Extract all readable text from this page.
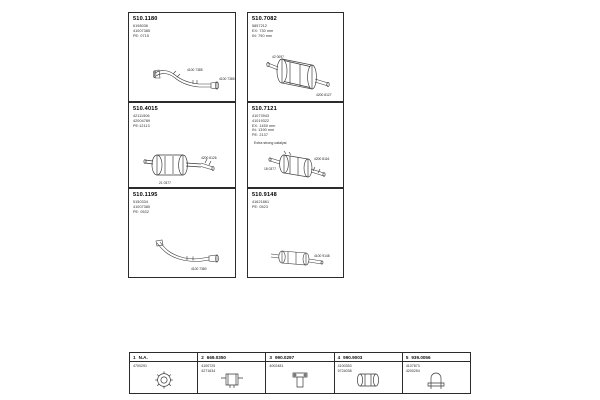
510.1180
6198036
41007385
PE: 0715
4100 7385
4100 7385
510.7082
5857212
EX: 730 mm
IN: 790 mm
42 0097
4200 8127
510.4015
42111506
42004789
PE:12113
21 0377
4200 8126
510.7121
41073943
41019322
EX: 1450 mm
IN: 1390 mm
PE: 2137
Extra strong catalyst
18 0377
4200 8116
510.1195
5150334
41007380
PE: 0532
4100 7380
510.9148
41621861
PE: 0523
4100 9148
1 N.A.
4700291
2 669.0350
4100725
4271634
3 990.0297
4002481
4 990.9003
4100353
5724038
5 939.0056
4107873
4200254
